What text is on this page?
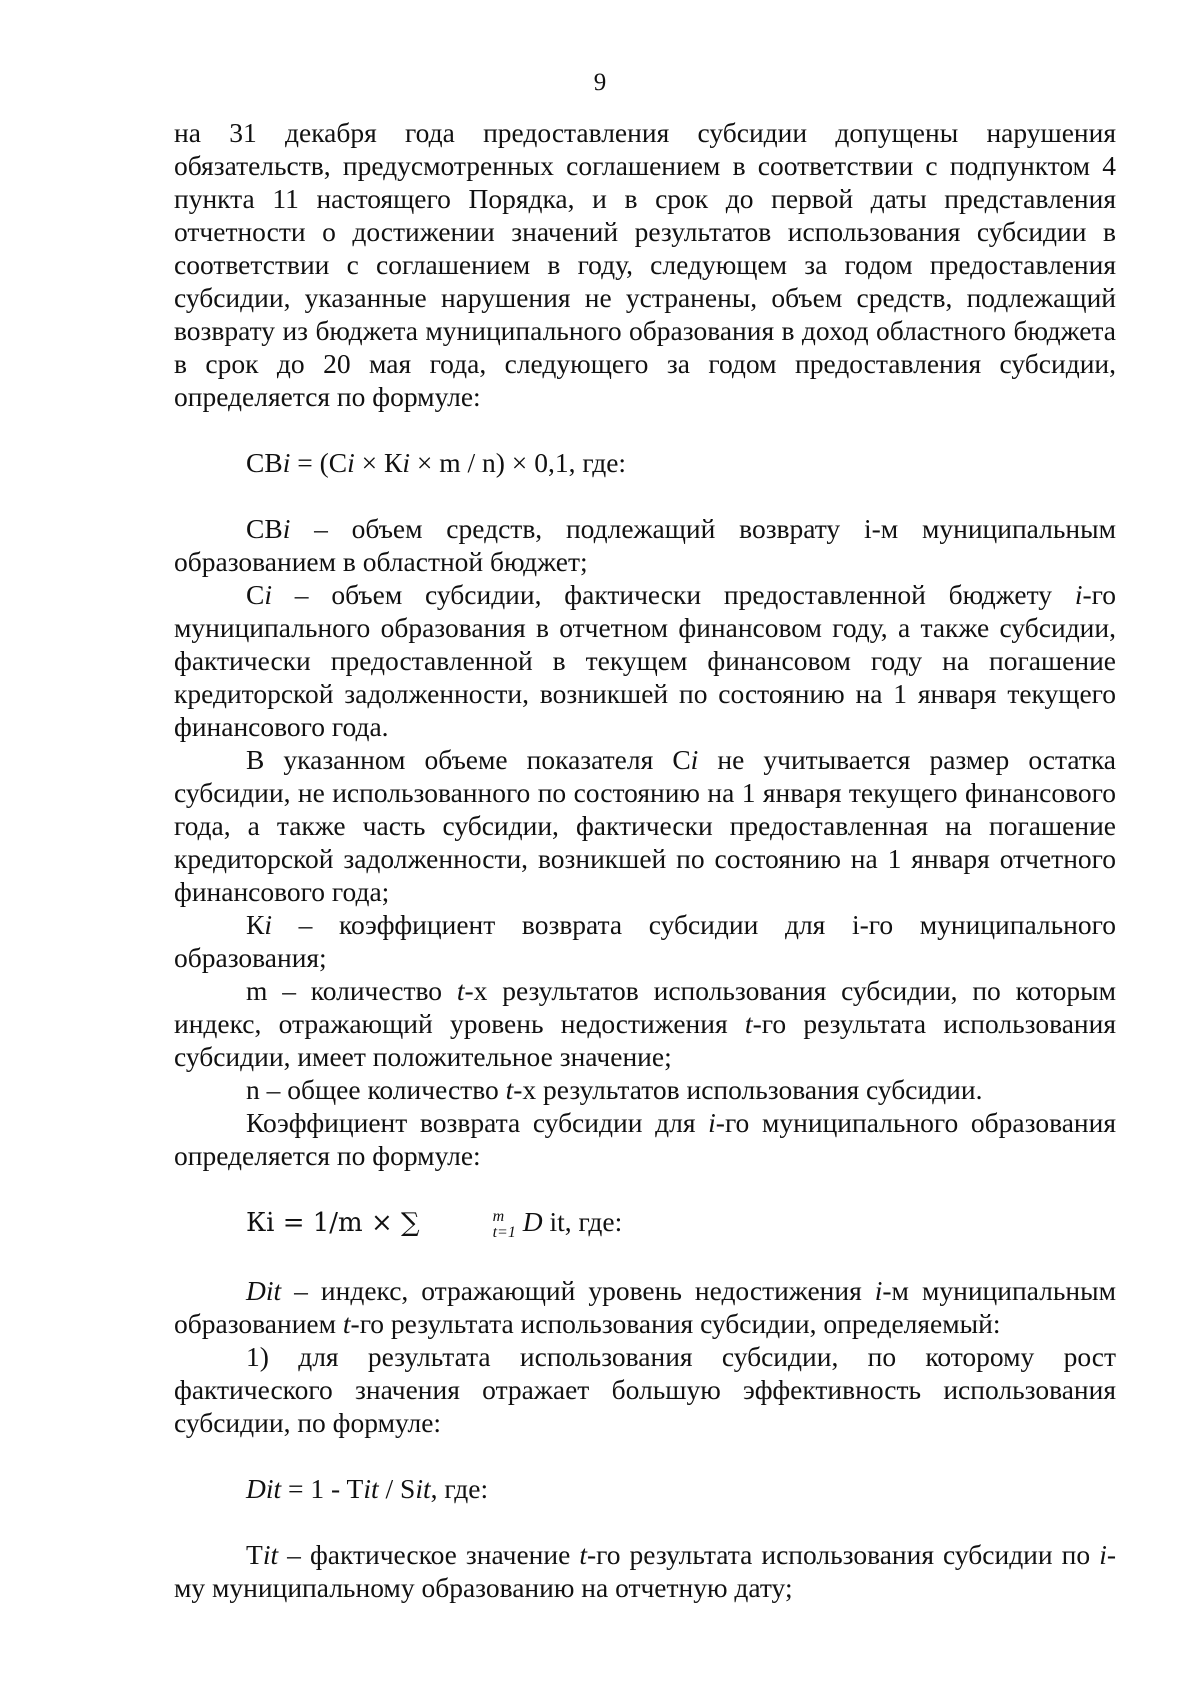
9

на 31 декабря года предоставления субсидии допущены нарушения обязательств, предусмотренных соглашением в соответствии с подпунктом 4 пункта 11 настоящего Порядка, и в срок до первой даты представления отчетности о достижении значений результатов использования субсидии в соответствии с соглашением в году, следующем за годом предоставления субсидии, указанные нарушения не устранены, объем средств, подлежащий возврату из бюджета муниципального образования в доход областного бюджета в срок до 20 мая года, следующего за годом предоставления субсидии, определяется по формуле:

СВi = (Сi × Кi × m / n) × 0,1, где:

СВi – объем средств, подлежащий возврату i-м муниципальным образованием в областной бюджет;

Сi – объем субсидии, фактически предоставленной бюджету i-го муниципального образования в отчетном финансовом году, а также субсидии, фактически предоставленной в текущем финансовом году на погашение кредиторской задолженности, возникшей по состоянию на 1 января текущего финансового года.

В указанном объеме показателя Сi не учитывается размер остатка субсидии, не использованного по состоянию на 1 января текущего финансового года, а также часть субсидии, фактически предоставленная на погашение кредиторской задолженности, возникшей по состоянию на 1 января отчетного финансового года;

Кi – коэффициент возврата субсидии для i-го муниципального образования;

m – количество t-х результатов использования субсидии, по которым индекс, отражающий уровень недостижения t-го результата использования субсидии, имеет положительное значение;

n – общее количество t-х результатов использования субсидии.

Коэффициент возврата субсидии для i-го муниципального образования определяется по формуле:

Кi = 1/m × ∑	m
t=1 D it, где:

Dit – индекс, отражающий уровень недостижения i-м муниципальным образованием t-го результата использования субсидии, определяемый:

1) для результата использования субсидии, по которому рост фактического значения отражает большую эффективность использования субсидии, по формуле:

Dit = 1 - Tit / Sit, где:

Tit – фактическое значение t-го результата использования субсидии по i-му муниципальному образованию на отчетную дату;
